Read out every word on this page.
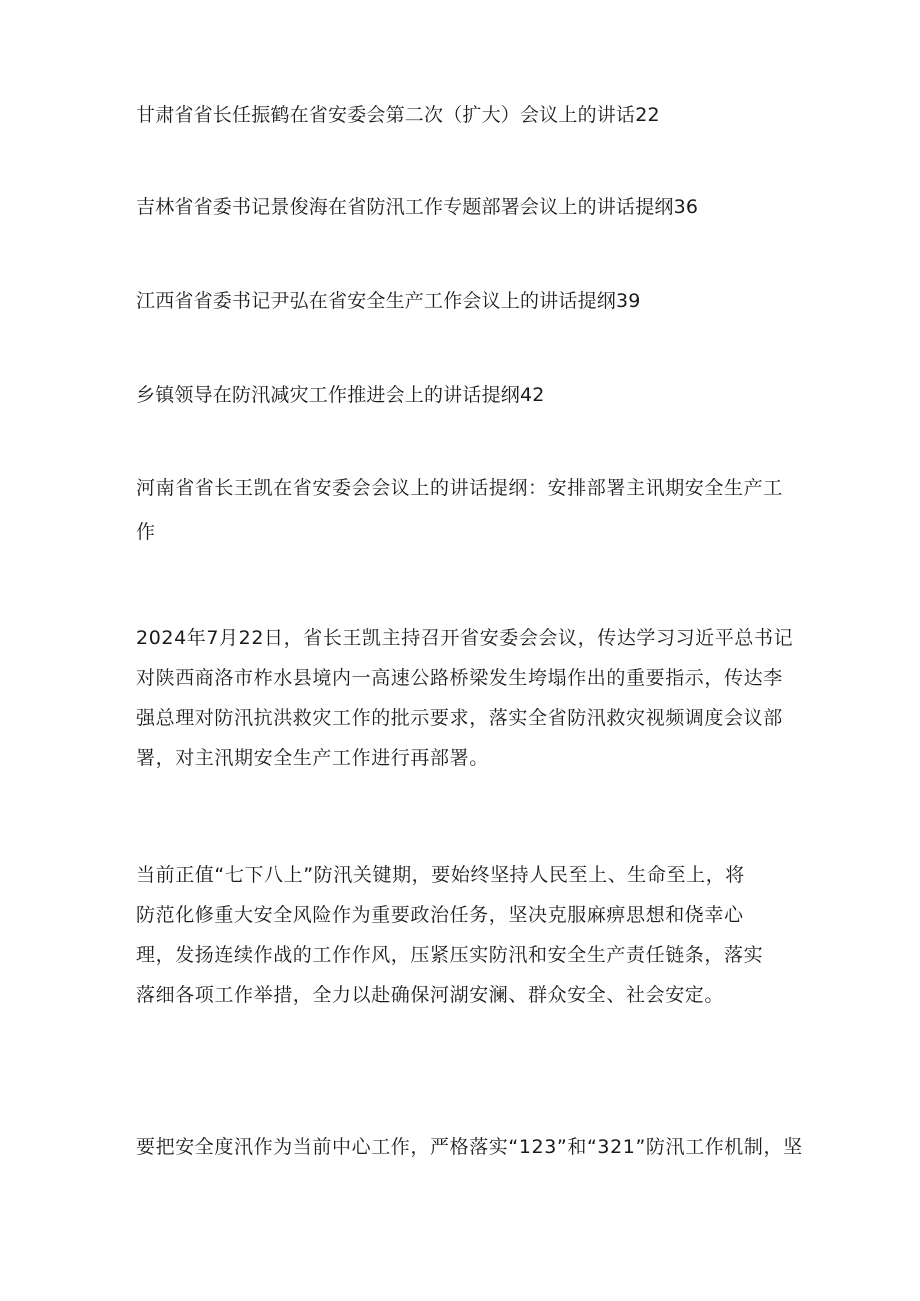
甘肃省省长任振鹤在省安委会第二次（扩大）会议上的讲话22
吉林省省委书记景俊海在省防汛工作专题部署会议上的讲话提纲36
江西省省委书记尹弘在省安全生产工作会议上的讲话提纲39
乡镇领导在防汛减灾工作推进会上的讲话提纲42

河南省省长王凯在省安委会会议上的讲话提纲：安排部署主讯期安全生产工
作

2024年7月22日，省长王凯主持召开省安委会会议，传达学习习近平总书记
对陕西商洛市柞水县境内一高速公路桥梁发生垮塌作出的重要指示，传达李
强总理对防汛抗洪救灾工作的批示要求，落实全省防汛救灾视频调度会议部
署，对主汛期安全生产工作进行再部署。

当前正值“七下八上”防汛关键期，要始终坚持人民至上、生命至上，将
防范化修重大安全风险作为重要政治任务，坚决克服麻痹思想和侥幸心
理，发扬连续作战的工作作风，压紧压实防汛和安全生产责任链条，落实
落细各项工作举措，全力以赴确保河湖安澜、群众安全、社会安定。

要把安全度汛作为当前中心工作，严格落实“123”和“321”防汛工作机制，坚
